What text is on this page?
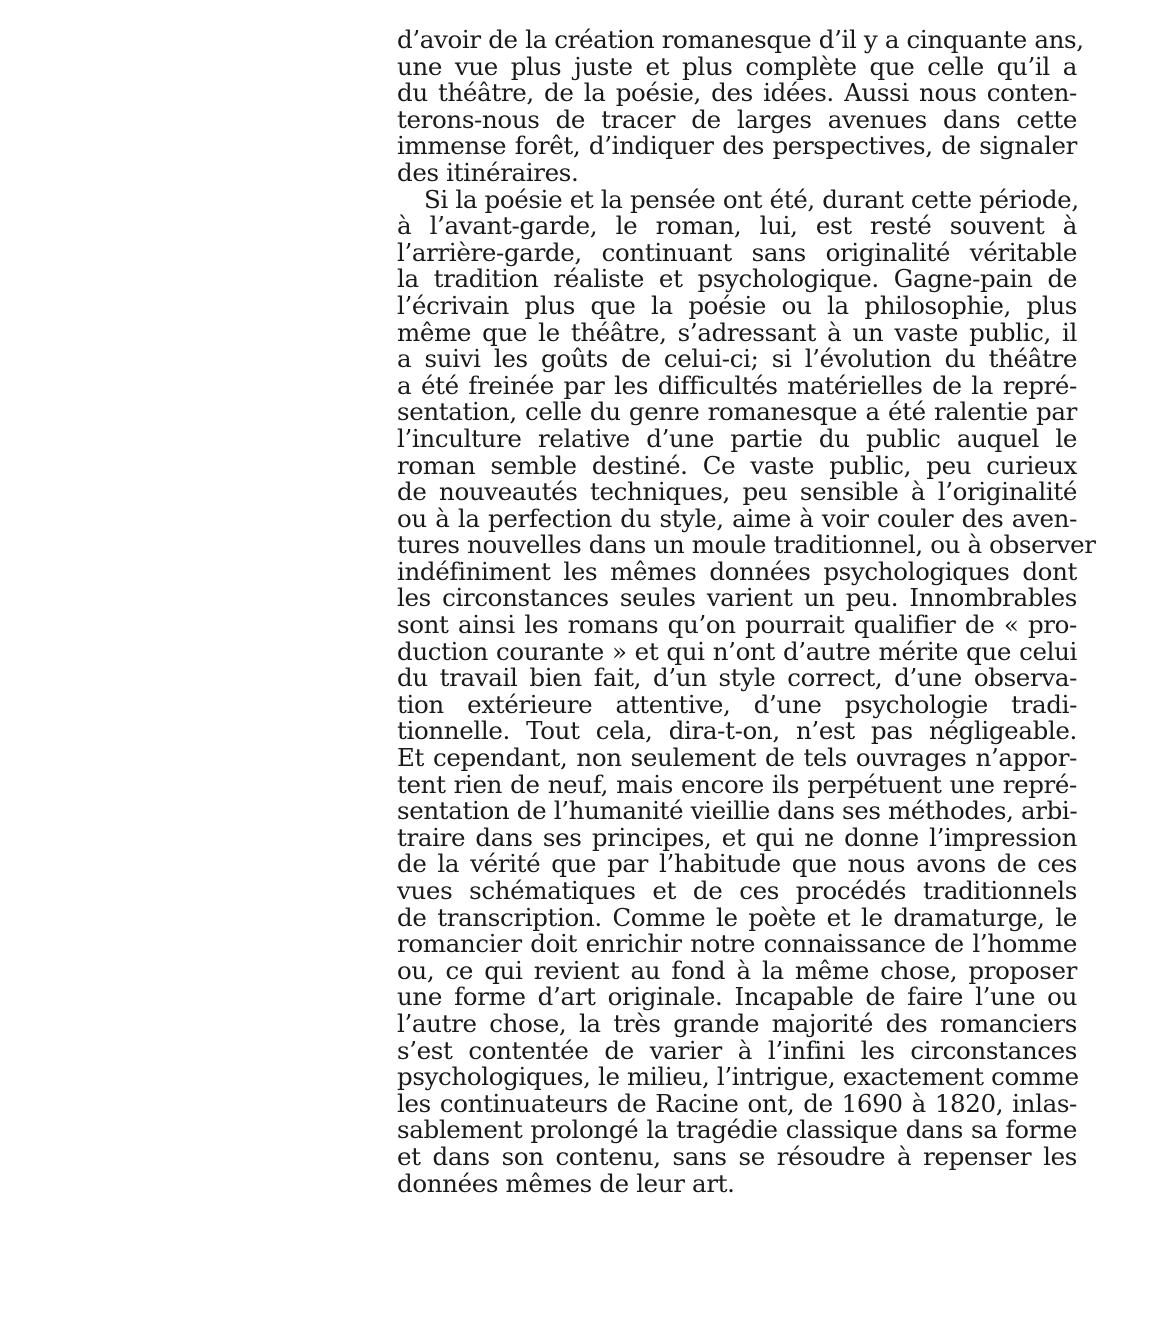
d’avoir de la création romanesque d’il y a cinquante ans,
une vue plus juste et plus complète que celle qu’il a
du théâtre, de la poésie, des idées. Aussi nous conten-
terons-nous de tracer de larges avenues dans cette
immense forêt, d’indiquer des perspectives, de signaler
des itinéraires.
Si la poésie et la pensée ont été, durant cette période,
à l’avant-garde, le roman, lui, est resté souvent à
l’arrière-garde, continuant sans originalité véritable
la tradition réaliste et psychologique. Gagne-pain de
l’écrivain plus que la poésie ou la philosophie, plus
même que le théâtre, s’adressant à un vaste public, il
a suivi les goûts de celui-ci; si l’évolution du théâtre
a été freinée par les difficultés matérielles de la repré-
sentation, celle du genre romanesque a été ralentie par
l’inculture relative d’une partie du public auquel le
roman semble destiné. Ce vaste public, peu curieux
de nouveautés techniques, peu sensible à l’originalité
ou à la perfection du style, aime à voir couler des aven-
tures nouvelles dans un moule traditionnel, ou à observer
indéfiniment les mêmes données psychologiques dont
les circonstances seules varient un peu. Innombrables
sont ainsi les romans qu’on pourrait qualifier de « pro-
duction courante » et qui n’ont d’autre mérite que celui
du travail bien fait, d’un style correct, d’une observa-
tion extérieure attentive, d’une psychologie tradi-
tionnelle. Tout cela, dira-t-on, n’est pas négligeable.
Et cependant, non seulement de tels ouvrages n’appor-
tent rien de neuf, mais encore ils perpétuent une repré-
sentation de l’humanité vieillie dans ses méthodes, arbi-
traire dans ses principes, et qui ne donne l’impression
de la vérité que par l’habitude que nous avons de ces
vues schématiques et de ces procédés traditionnels
de transcription. Comme le poète et le dramaturge, le
romancier doit enrichir notre connaissance de l’homme
ou, ce qui revient au fond à la même chose, proposer
une forme d’art originale. Incapable de faire l’une ou
l’autre chose, la très grande majorité des romanciers
s’est contentée de varier à l’infini les circonstances
psychologiques, le milieu, l’intrigue, exactement comme
les continuateurs de Racine ont, de 1690 à 1820, inlas-
sablement prolongé la tragédie classique dans sa forme
et dans son contenu, sans se résoudre à repenser les
données mêmes de leur art.
